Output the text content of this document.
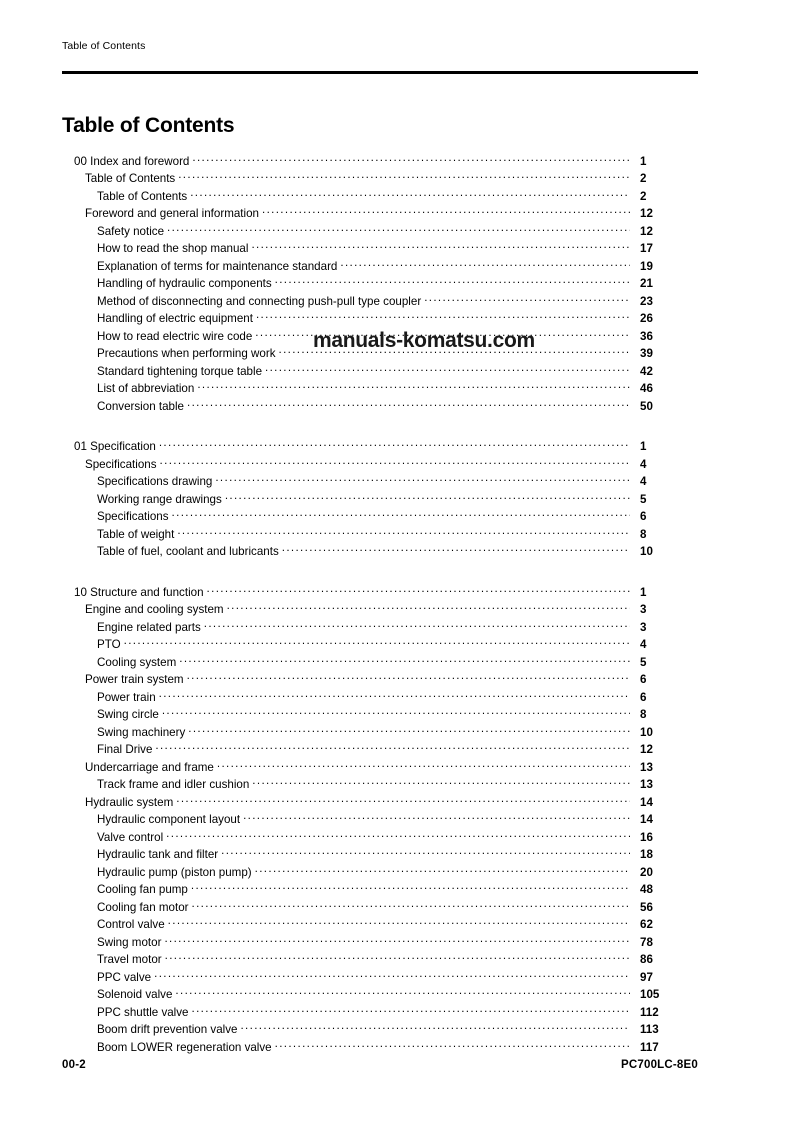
Table of Contents
Table of Contents
00 Index and foreword .....	1
Table of Contents .....	2
Table of Contents .....	2
Foreword and general information .....	12
Safety notice .....	12
How to read the shop manual .....	17
Explanation of terms for maintenance standard .....	19
Handling of hydraulic components .....	21
Method of disconnecting and connecting push-pull type coupler .....	23
Handling of electric equipment .....	26
How to read electric wire code .....	36
Precautions when performing work .....	39
Standard tightening torque table .....	42
List of abbreviation .....	46
Conversion table .....	50
01 Specification .....	1
Specifications .....	4
Specifications drawing .....	4
Working range drawings .....	5
Specifications .....	6
Table of weight .....	8
Table of fuel, coolant and lubricants .....	10
10 Structure and function .....	1
Engine and cooling system .....	3
Engine related parts .....	3
PTO .....	4
Cooling system .....	5
Power train system .....	6
Power train .....	6
Swing circle .....	8
Swing machinery .....	10
Final Drive .....	12
Undercarriage and frame .....	13
Track frame and idler cushion .....	13
Hydraulic system .....	14
Hydraulic component layout .....	14
Valve control .....	16
Hydraulic tank and filter .....	18
Hydraulic pump (piston pump) .....	20
Cooling fan pump .....	48
Cooling fan motor .....	56
Control valve .....	62
Swing motor .....	78
Travel motor .....	86
PPC valve .....	97
Solenoid valve .....	105
PPC shuttle valve .....	112
Boom drift prevention valve .....	113
Boom LOWER regeneration valve .....	117
manuals-komatsu.com
00-2	PC700LC-8E0
